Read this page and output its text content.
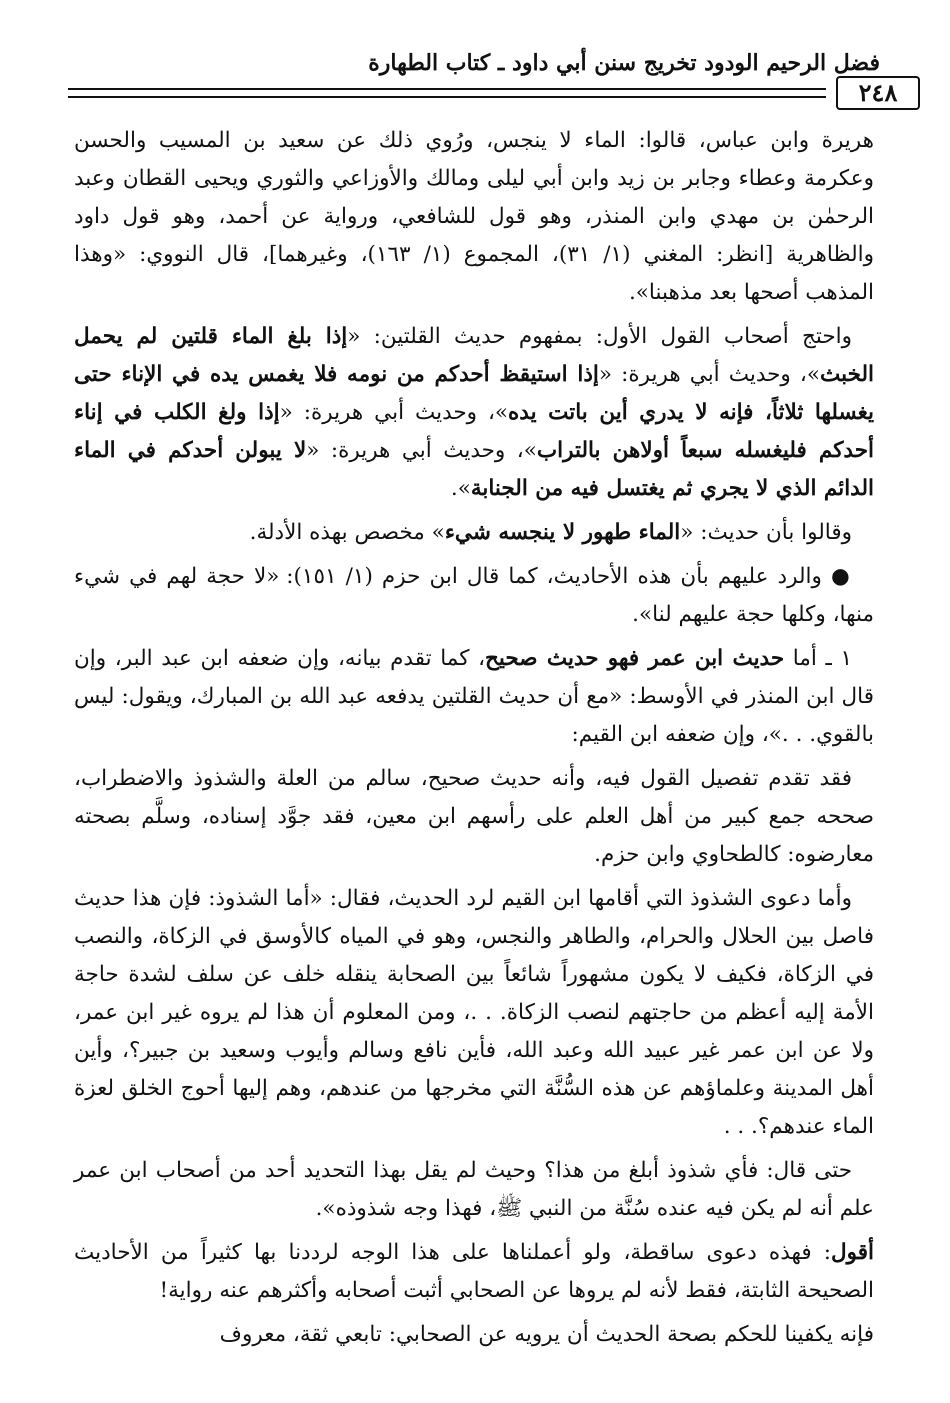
فضل الرحيم الودود تخريج سنن أبي داود ـ كتاب الطهارة
٢٤٨

هريرة وابن عباس، قالوا: الماء لا ينجس، ورُوي ذلك عن سعيد بن المسيب والحسن وعكرمة وعطاء وجابر بن زيد وابن أبي ليلى ومالك والأوزاعي والثوري ويحيى القطان وعبد الرحمٰن بن مهدي وابن المنذر، وهو قول للشافعي، ورواية عن أحمد، وهو قول داود والظاهرية [انظر: المغني (١/ ٣١)، المجموع (١/ ١٦٣)، وغيرهما]، قال النووي: «وهذا المذهب أصحها بعد مذهبنا».

واحتج أصحاب القول الأول: بمفهوم حديث القلتين: «إذا بلغ الماء قلتين لم يحمل الخبث»، وحديث أبي هريرة: «إذا استيقظ أحدكم من نومه فلا يغمس يده في الإناء حتى يغسلها ثلاثاً، فإنه لا يدري أين باتت يده»، وحديث أبي هريرة: «إذا ولغ الكلب في إناء أحدكم فليغسله سبعاً أولاهن بالتراب»، وحديث أبي هريرة: «لا يبولن أحدكم في الماء الدائم الذي لا يجري ثم يغتسل فيه من الجنابة».

وقالوا بأن حديث: «الماء طهور لا ينجسه شيء» مخصص بهذه الأدلة.

● والرد عليهم بأن هذه الأحاديث، كما قال ابن حزم (١/ ١٥١): «لا حجة لهم في شيء منها، وكلها حجة عليهم لنا».

١ ـ أما حديث ابن عمر فهو حديث صحيح، كما تقدم بيانه، وإن ضعفه ابن عبد البر، وإن قال ابن المنذر في الأوسط: «مع أن حديث القلتين يدفعه عبد الله بن المبارك، ويقول: ليس بالقوي. . .»، وإن ضعفه ابن القيم:

فقد تقدم تفصيل القول فيه، وأنه حديث صحيح، سالم من العلة والشذوذ والاضطراب، صححه جمع كبير من أهل العلم على رأسهم ابن معين، فقد جوَّد إسناده، وسلَّم بصحته معارضوه: كالطحاوي وابن حزم.

وأما دعوى الشذوذ التي أقامها ابن القيم لرد الحديث، فقال: «أما الشذوذ: فإن هذا حديث فاصل بين الحلال والحرام، والطاهر والنجس، وهو في المياه كالأوسق في الزكاة، والنصب في الزكاة، فكيف لا يكون مشهوراً شائعاً بين الصحابة ينقله خلف عن سلف لشدة حاجة الأمة إليه أعظم من حاجتهم لنصب الزكاة. . .، ومن المعلوم أن هذا لم يروه غير ابن عمر، ولا عن ابن عمر غير عبيد الله وعبد الله، فأين نافع وسالم وأيوب وسعيد بن جبير؟، وأين أهل المدينة وعلماؤهم عن هذه السُّنَّة التي مخرجها من عندهم، وهم إليها أحوج الخلق لعزة الماء عندهم؟. . .

حتى قال: فأي شذوذ أبلغ من هذا؟ وحيث لم يقل بهذا التحديد أحد من أصحاب ابن عمر علم أنه لم يكن فيه عنده سُنَّة من النبي ﷺ، فهذا وجه شذوذه».

أقول: فهذه دعوى ساقطة، ولو أعملناها على هذا الوجه لرددنا بها كثيراً من الأحاديث الصحيحة الثابتة، فقط لأنه لم يروها عن الصحابي أثبت أصحابه وأكثرهم عنه رواية!

فإنه يكفينا للحكم بصحة الحديث أن يرويه عن الصحابي: تابعي ثقة، معروف
